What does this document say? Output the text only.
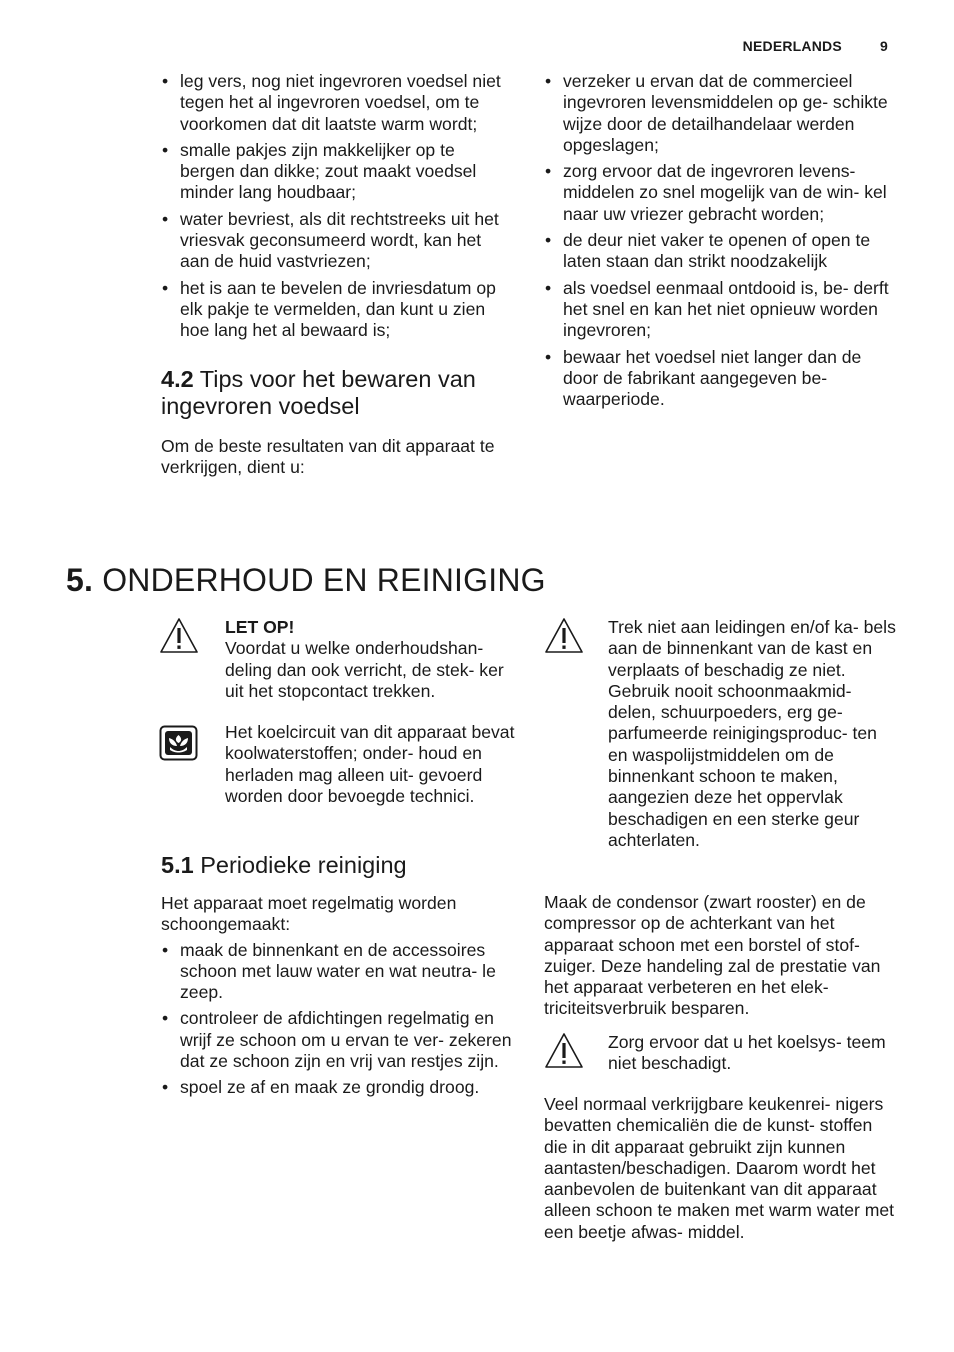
NEDERLANDS	9
• leg vers, nog niet ingevroren voedsel niet tegen het al ingevroren voedsel, om te voorkomen dat dit laatste warm wordt;
• smalle pakjes zijn makkelijker op te bergen dan dikke; zout maakt voedsel minder lang houdbaar;
• water bevriest, als dit rechtstreeks uit het vriesvak geconsumeerd wordt, kan het aan de huid vastvriezen;
• het is aan te bevelen de invriesdatum op elk pakje te vermelden, dan kunt u zien hoe lang het al bewaard is;
4.2 Tips voor het bewaren van ingevroren voedsel

Om de beste resultaten van dit apparaat te verkrijgen, dient u:

• verzeker u ervan dat de commercieel ingevroren levensmiddelen op ge- schikte wijze door de detailhandelaar werden opgeslagen;
• zorg ervoor dat de ingevroren levens- middelen zo snel mogelijk van de win- kel naar uw vriezer gebracht worden;
• de deur niet vaker te openen of open te laten staan dan strikt noodzakelijk
• als voedsel eenmaal ontdooid is, be- derft het snel en kan het niet opnieuw worden ingevroren;
• bewaar het voedsel niet langer dan de door de fabrikant aangegeven be- waarperiode.
5. ONDERHOUD EN REINIGING
LET OP!
Voordat u welke onderhoudshan- deling dan ook verricht, de stek- ker uit het stopcontact trekken.
Het koelcircuit van dit apparaat bevat koolwaterstoffen; onder- houd en herladen mag alleen uit- gevoerd worden door bevoegde technici.
5.1 Periodieke reiniging

Het apparaat moet regelmatig worden schoongemaakt:

• maak de binnenkant en de accessoires schoon met lauw water en wat neutra- le zeep.
• controleer de afdichtingen regelmatig en wrijf ze schoon om u ervan te ver- zekeren dat ze schoon zijn en vrij van restjes zijn.
• spoel ze af en maak ze grondig droog.

Trek niet aan leidingen en/of ka- bels aan de binnenkant van de kast en verplaats of beschadig ze niet.

Gebruik nooit schoonmaakmid- delen, schuurpoeders, erg ge- parfumeerde reinigingsproduc- ten en waspolijstmiddelen om de binnenkant schoon te maken, aangezien deze het oppervlak beschadigen en een sterke geur achterlaten.

Maak de condensor (zwart rooster) en de compressor op de achterkant van het apparaat schoon met een borstel of stof- zuiger. Deze handeling zal de prestatie van het apparaat verbeteren en het elek- triciteitsverbruik besparen.

Zorg ervoor dat u het koelsys- teem niet beschadigt.

Veel normaal verkrijgbare keukenrei- nigers bevatten chemicaliën die de kunst- stoffen die in dit apparaat gebruikt zijn kunnen aantasten/beschadigen. Daarom wordt het aanbevolen de buitenkant van dit apparaat alleen schoon te maken met warm water met een beetje afwas- middel.
